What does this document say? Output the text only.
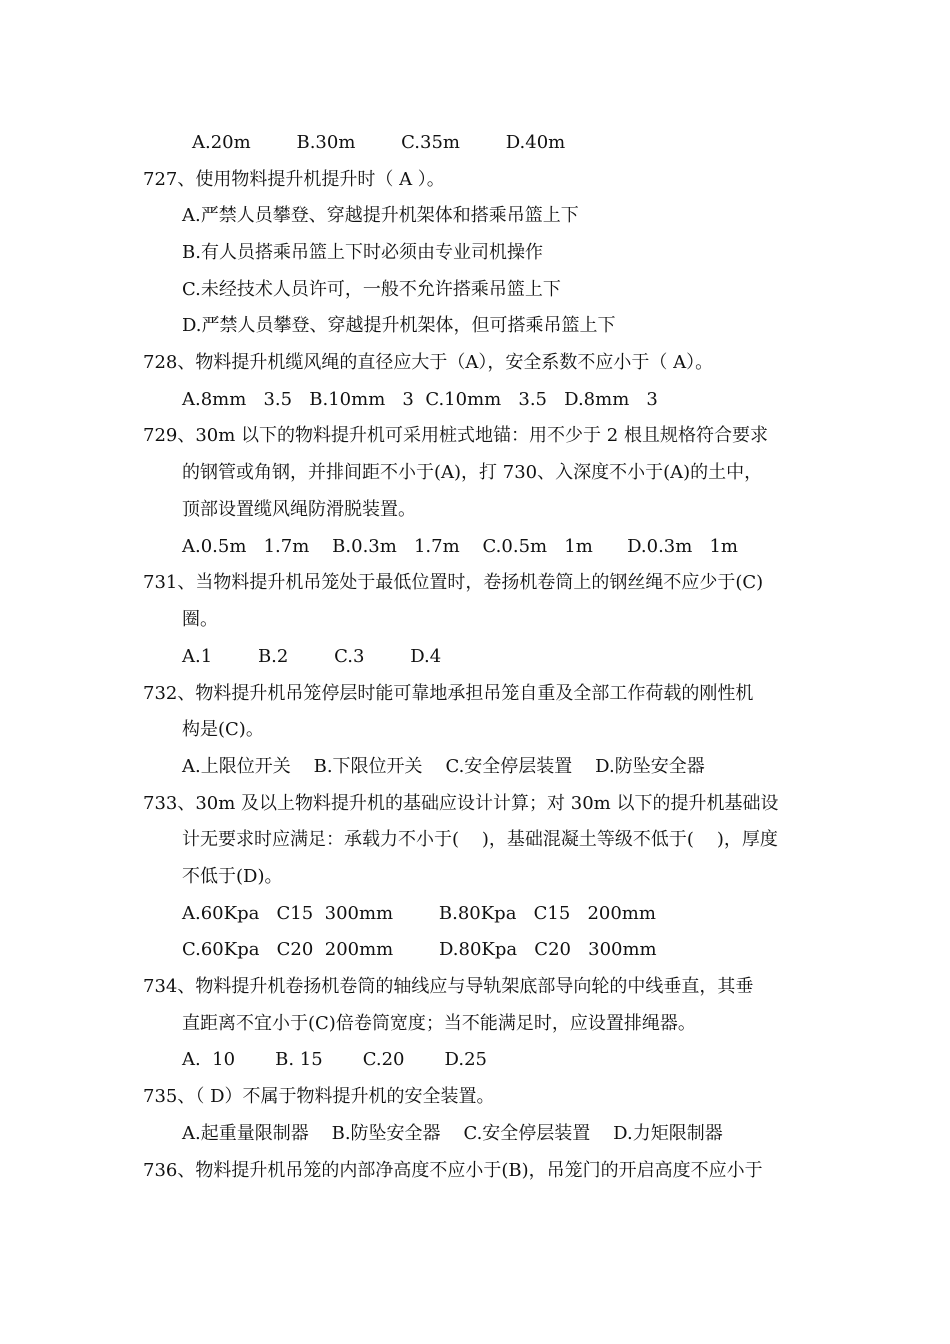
A.20m        B.30m        C.35m        D.40m
727、使用物料提升机提升时（ A ）。
A.严禁人员攀登、穿越提升机架体和搭乘吊篮上下
B.有人员搭乘吊篮上下时必须由专业司机操作
C.未经技术人员许可，一般不允许搭乘吊篮上下
D.严禁人员攀登、穿越提升机架体，但可搭乘吊篮上下
728、物料提升机缆风绳的直径应大于（A），安全系数不应小于（ A）。
A.8mm   3.5   B.10mm   3  C.10mm   3.5   D.8mm   3
729、30m 以下的物料提升机可采用桩式地锚：用不少于 2 根且规格符合要求
的钢管或角钢，并排间距不小于(A)，打 730、入深度不小于(A)的土中，
顶部设置缆风绳防滑脱装置。
A.0.5m   1.7m    B.0.3m   1.7m    C.0.5m   1m      D.0.3m   1m
731、当物料提升机吊笼处于最低位置时，卷扬机卷筒上的钢丝绳不应少于(C)
圈。
A.1        B.2        C.3        D.4
732、物料提升机吊笼停层时能可靠地承担吊笼自重及全部工作荷载的刚性机
构是(C)。
A.上限位开关    B.下限位开关    C.安全停层装置    D.防坠安全器
733、30m 及以上物料提升机的基础应设计计算；对 30m 以下的提升机基础设
计无要求时应满足：承载力不小于(    )，基础混凝土等级不低于(    )，厚度
不低于(D)。
A.60Kpa   C15  300mm        B.80Kpa   C15   200mm
C.60Kpa   C20  200mm        D.80Kpa   C20   300mm
734、物料提升机卷扬机卷筒的轴线应与导轨架底部导向轮的中线垂直，其垂
直距离不宜小于(C)倍卷筒宽度；当不能满足时，应设置排绳器。
A.  10       B. 15       C.20       D.25
735、（ D）不属于物料提升机的安全装置。
A.起重量限制器    B.防坠安全器    C.安全停层装置    D.力矩限制器
736、物料提升机吊笼的内部净高度不应小于(B)，吊笼门的开启高度不应小于
